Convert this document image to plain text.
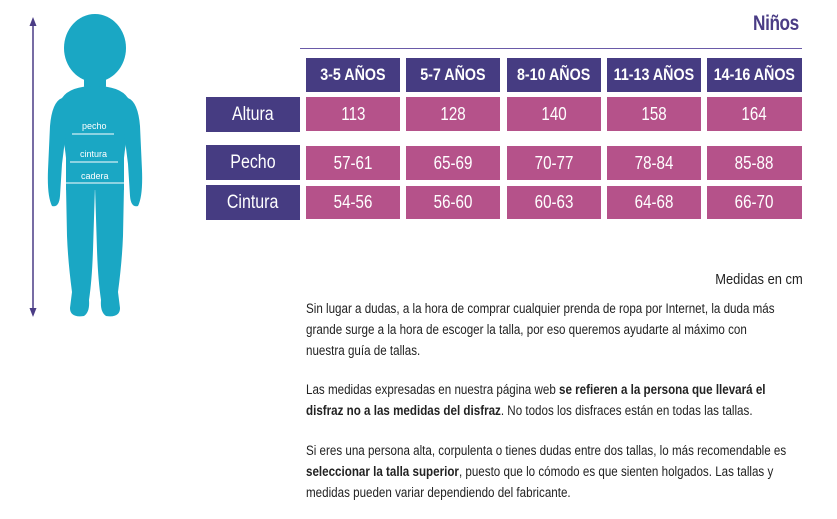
pecho
cintura
cadera
Niños
3-5 AÑOS 5-7 AÑOS 8-10 AÑOS 11-13 AÑOS 14-16 AÑOS
Altura	113	128	140	158	164
Pecho	57-61	65-69	70-77	78-84	85-88
Cintura	54-56	56-60	60-63	64-68	66-70
Medidas en cm
Sin lugar a dudas, a la hora de comprar cualquier prenda de ropa por Internet, la duda más grande surge a la hora de escoger la talla, por eso queremos ayudarte al máximo con nuestra guía de tallas.
Las medidas expresadas en nuestra página web se refieren a la persona que llevará el disfraz no a las medidas del disfraz. No todos los disfraces están en todas las tallas.
Si eres una persona alta, corpulenta o tienes dudas entre dos tallas, lo más recomendable es seleccionar la talla superior, puesto que lo cómodo es que sienten holgados. Las tallas y medidas pueden variar dependiendo del fabricante.
